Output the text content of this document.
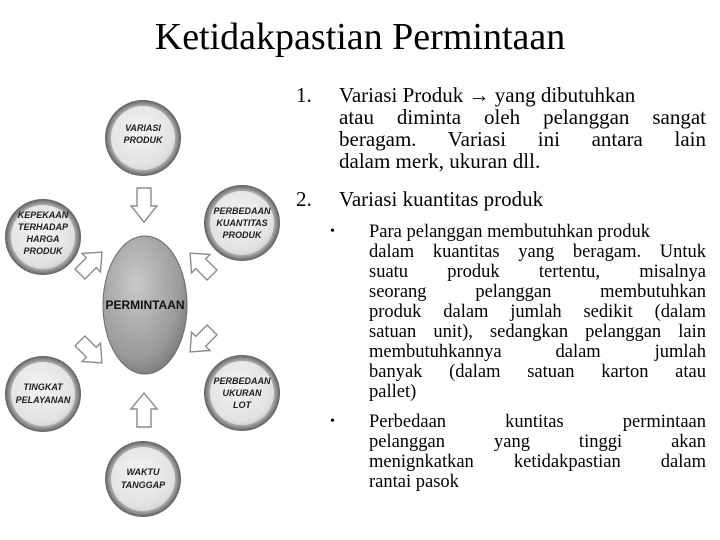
Ketidakpastian Permintaan
PERMINTAAN
VARIASI
PRODUK
PERBEDAAN
KUANTITAS
PRODUK
PERBEDAAN
UKURAN
LOT
WAKTU
TANGGAP
TINGKAT
PELAYANAN
KEPEKAAN
TERHADAP
HARGA
PRODUK
1. Variasi Produk → yang dibutuhkan
atau diminta oleh pelanggan sangat
beragam. Variasi ini antara lain
dalam merk, ukuran dll.
2. Variasi kuantitas produk
• Para pelanggan membutuhkan produk
dalam kuantitas yang beragam. Untuk
suatu produk tertentu, misalnya
seorang pelanggan membutuhkan
produk dalam jumlah sedikit (dalam
satuan unit), sedangkan pelanggan lain
membutuhkannya dalam jumlah
banyak (dalam satuan karton atau
pallet)
• Perbedaan kuntitas permintaan
pelanggan yang tinggi akan
menignkatkan ketidakpastian dalam
rantai pasok
